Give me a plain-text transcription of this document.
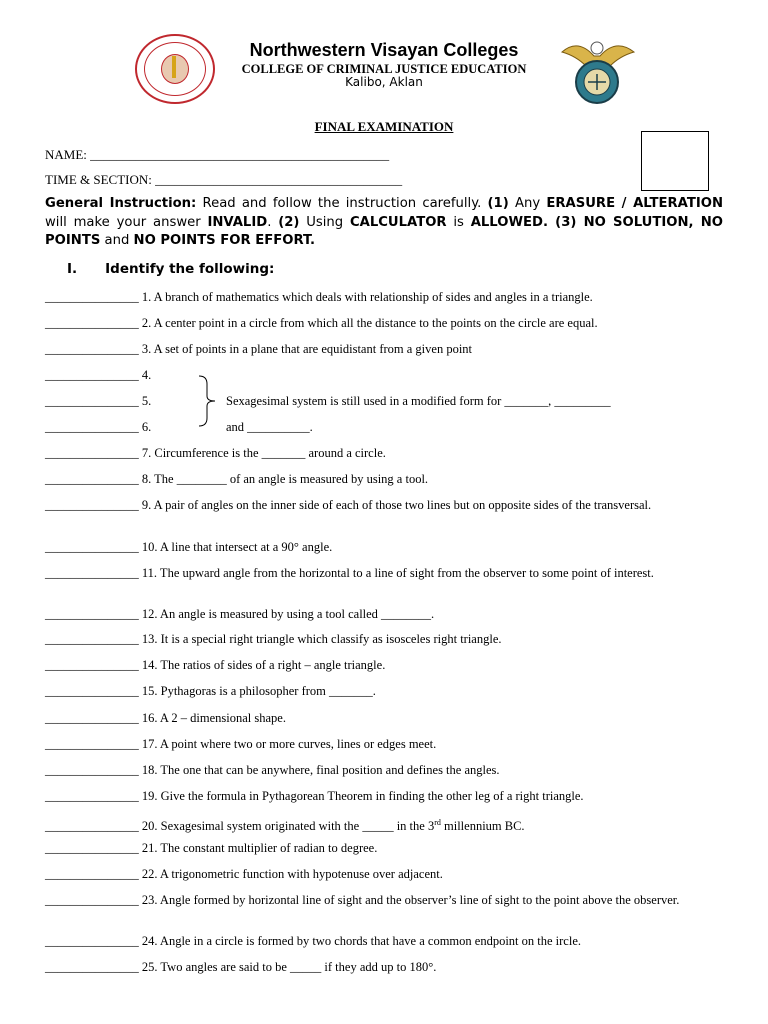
Northwestern Visayan Colleges
COLLEGE OF CRIMINAL JUSTICE EDUCATION
Kalibo, Aklan
FINAL EXAMINATION
NAME: ______________________________________________
TIME & SECTION: ______________________________________
General Instruction: Read and follow the instruction carefully. (1) Any ERASURE / ALTERATION will make your answer INVALID. (2) Using CALCULATOR is ALLOWED. (3) NO SOLUTION, NO POINTS and NO POINTS FOR EFFORT.
I. Identify the following:
_______________ 1. A branch of mathematics which deals with relationship of sides and angles in a triangle.
_______________ 2. A center point in a circle from which all the distance to the points on the circle are equal.
_______________ 3. A set of points in a plane that are equidistant from a given point
_______________ 4.
_______________ 5.
_______________ 6.
Sexagesimal system is still used in a modified form for _______, _________
and __________.
_______________ 7. Circumference is the _______ around a circle.
_______________ 8. The ________ of an angle is measured by using a tool.
_______________ 9. A pair of angles on the inner side of each of those two lines but on opposite sides of the transversal.
_______________ 10. A line that intersect at a 90° angle.
_______________ 11. The upward angle from the horizontal to a line of sight from the observer to some point of interest.
_______________ 12. An angle is measured by using a tool called ________.
_______________ 13. It is a special right triangle which classify as isosceles right triangle.
_______________ 14. The ratios of sides of a right – angle triangle.
_______________ 15. Pythagoras is a philosopher from _______.
_______________ 16. A 2 – dimensional shape.
_______________ 17. A point where two or more curves, lines or edges meet.
_______________ 18. The one that can be anywhere, final position and defines the angles.
_______________ 19. Give the formula in Pythagorean Theorem in finding the other leg of a right triangle.
_______________ 20. Sexagesimal system originated with the _____ in the 3rd millennium BC.
_______________ 21. The constant multiplier of radian to degree.
_______________ 22. A trigonometric function with hypotenuse over adjacent.
_______________ 23. Angle formed by horizontal line of sight and the observer’s line of sight to the point above the observer.
_______________ 24. Angle in a circle is formed by two chords that have a common endpoint on the ircle.
_______________ 25. Two angles are said to be _____ if they add up to 180°.
